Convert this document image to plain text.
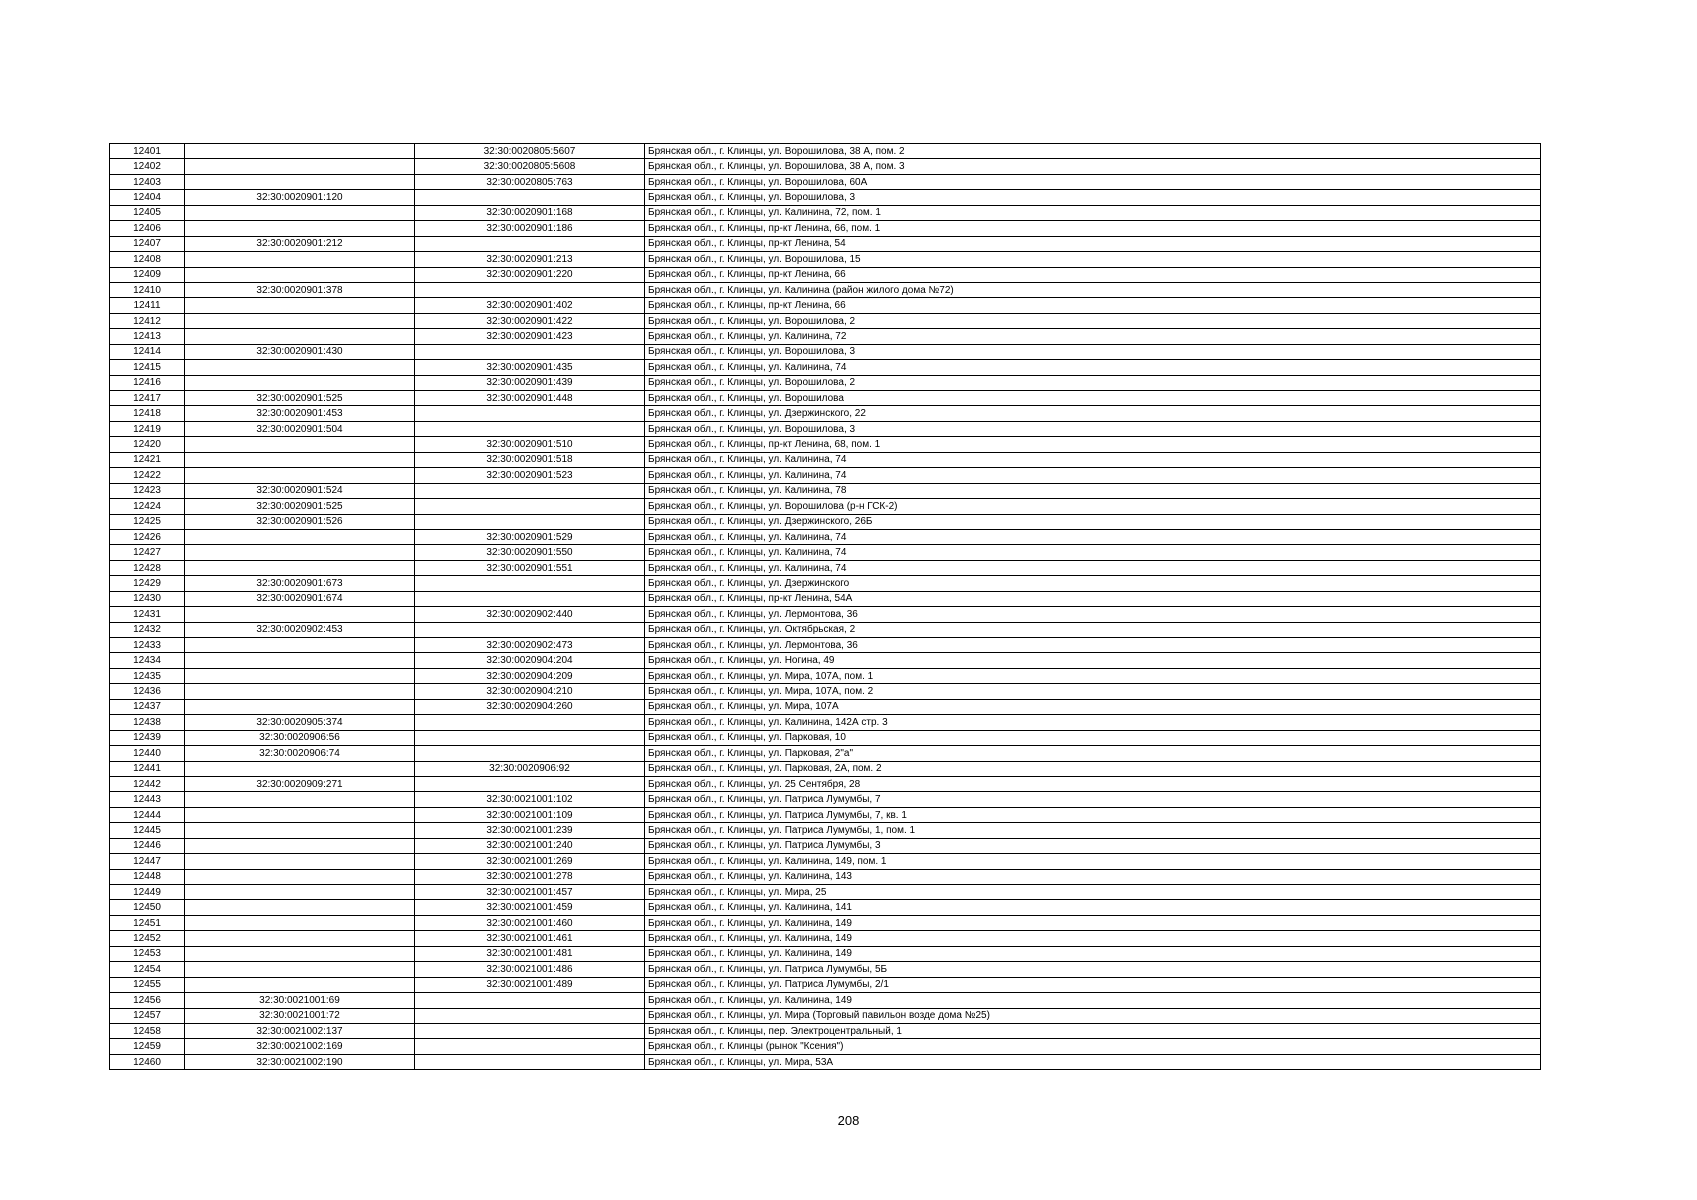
12401		32:30:0020805:5607	Брянская обл., г. Клинцы, ул. Ворошилова, 38 А, пом. 2
12402		32:30:0020805:5608	Брянская обл., г. Клинцы, ул. Ворошилова, 38 А, пом. 3
12403		32:30:0020805:763	Брянская обл., г. Клинцы, ул. Ворошилова, 60А
12404	32:30:0020901:120		Брянская обл., г. Клинцы, ул. Ворошилова, 3
12405		32:30:0020901:168	Брянская обл., г. Клинцы, ул. Калинина, 72, пом. 1
12406		32:30:0020901:186	Брянская обл., г. Клинцы, пр-кт Ленина, 66, пом. 1
12407	32:30:0020901:212		Брянская обл., г. Клинцы, пр-кт Ленина, 54
12408		32:30:0020901:213	Брянская обл., г. Клинцы, ул. Ворошилова, 15
12409		32:30:0020901:220	Брянская обл., г. Клинцы, пр-кт Ленина, 66
12410	32:30:0020901:378		Брянская обл., г. Клинцы, ул. Калинина (район жилого дома №72)
12411		32:30:0020901:402	Брянская обл., г. Клинцы, пр-кт Ленина, 66
12412		32:30:0020901:422	Брянская обл., г. Клинцы, ул. Ворошилова, 2
12413		32:30:0020901:423	Брянская обл., г. Клинцы, ул. Калинина, 72
12414	32:30:0020901:430		Брянская обл., г. Клинцы, ул. Ворошилова, 3
12415		32:30:0020901:435	Брянская обл., г. Клинцы, ул. Калинина, 74
12416		32:30:0020901:439	Брянская обл., г. Клинцы, ул. Ворошилова, 2
12417	32:30:0020901:525	32:30:0020901:448	Брянская обл., г. Клинцы, ул. Ворошилова
12418	32:30:0020901:453		Брянская обл., г. Клинцы, ул. Дзержинского, 22
12419	32:30:0020901:504		Брянская обл., г. Клинцы, ул. Ворошилова, 3
12420		32:30:0020901:510	Брянская обл., г. Клинцы, пр-кт Ленина, 68, пом. 1
12421		32:30:0020901:518	Брянская обл., г. Клинцы, ул. Калинина, 74
12422		32:30:0020901:523	Брянская обл., г. Клинцы, ул. Калинина, 74
12423	32:30:0020901:524		Брянская обл., г. Клинцы, ул. Калинина, 78
12424	32:30:0020901:525		Брянская обл., г. Клинцы, ул. Ворошилова (р-н ГСК-2)
12425	32:30:0020901:526		Брянская обл., г. Клинцы, ул. Дзержинского, 26Б
12426		32:30:0020901:529	Брянская обл., г. Клинцы, ул. Калинина, 74
12427		32:30:0020901:550	Брянская обл., г. Клинцы, ул. Калинина, 74
12428		32:30:0020901:551	Брянская обл., г. Клинцы, ул. Калинина, 74
12429	32:30:0020901:673		Брянская обл., г. Клинцы, ул. Дзержинского
12430	32:30:0020901:674		Брянская обл., г. Клинцы, пр-кт Ленина, 54А
12431		32:30:0020902:440	Брянская обл., г. Клинцы, ул. Лермонтова, 36
12432	32:30:0020902:453		Брянская обл., г. Клинцы, ул. Октябрьская, 2
12433		32:30:0020902:473	Брянская обл., г. Клинцы, ул. Лермонтова, 36
12434		32:30:0020904:204	Брянская обл., г. Клинцы, ул. Ногина, 49
12435		32:30:0020904:209	Брянская обл., г. Клинцы, ул. Мира, 107А, пом. 1
12436		32:30:0020904:210	Брянская обл., г. Клинцы, ул. Мира, 107А, пом. 2
12437		32:30:0020904:260	Брянская обл., г. Клинцы, ул. Мира, 107А
12438	32:30:0020905:374		Брянская обл., г. Клинцы, ул. Калинина, 142А стр. 3
12439	32:30:0020906:56		Брянская обл., г. Клинцы, ул. Парковая, 10
12440	32:30:0020906:74		Брянская обл., г. Клинцы, ул. Парковая, 2"а"
12441		32:30:0020906:92	Брянская обл., г. Клинцы, ул. Парковая, 2А, пом. 2
12442	32:30:0020909:271		Брянская обл., г. Клинцы, ул. 25 Сентября, 28
12443		32:30:0021001:102	Брянская обл., г. Клинцы, ул. Патриса Лумумбы, 7
12444		32:30:0021001:109	Брянская обл., г. Клинцы, ул. Патриса Лумумбы, 7, кв. 1
12445		32:30:0021001:239	Брянская обл., г. Клинцы, ул. Патриса Лумумбы, 1, пом. 1
12446		32:30:0021001:240	Брянская обл., г. Клинцы, ул. Патриса Лумумбы, 3
12447		32:30:0021001:269	Брянская обл., г. Клинцы, ул. Калинина, 149, пом. 1
12448		32:30:0021001:278	Брянская обл., г. Клинцы, ул. Калинина, 143
12449		32:30:0021001:457	Брянская обл., г. Клинцы, ул. Мира, 25
12450		32:30:0021001:459	Брянская обл., г. Клинцы, ул. Калинина, 141
12451		32:30:0021001:460	Брянская обл., г. Клинцы, ул. Калинина, 149
12452		32:30:0021001:461	Брянская обл., г. Клинцы, ул. Калинина, 149
12453		32:30:0021001:481	Брянская обл., г. Клинцы, ул. Калинина, 149
12454		32:30:0021001:486	Брянская обл., г. Клинцы, ул. Патриса Лумумбы, 5Б
12455		32:30:0021001:489	Брянская обл., г. Клинцы, ул. Патриса Лумумбы, 2/1
12456	32:30:0021001:69		Брянская обл., г. Клинцы, ул. Калинина, 149
12457	32:30:0021001:72		Брянская обл., г. Клинцы, ул. Мира (Торговый павильон возде дома №25)
12458	32:30:0021002:137		Брянская обл., г. Клинцы, пер. Электроцентральный, 1
12459	32:30:0021002:169		Брянская обл., г. Клинцы (рынок "Ксения")
12460	32:30:0021002:190		Брянская обл., г. Клинцы, ул. Мира, 53А
208
